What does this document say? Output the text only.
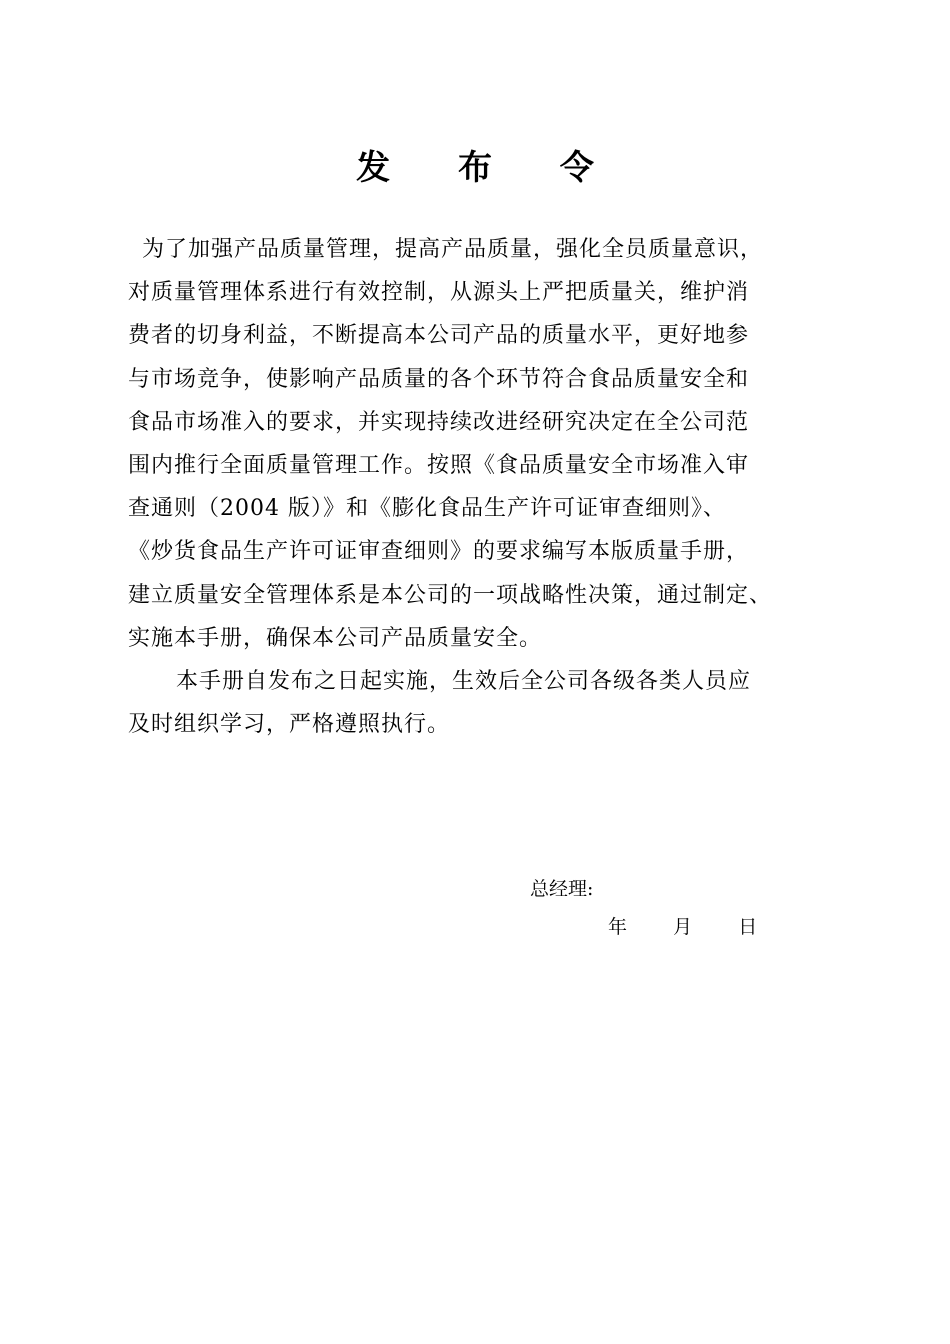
发 布 令
为了加强产品质量管理，提高产品质量，强化全员质量意识，
对质量管理体系进行有效控制，从源头上严把质量关，维护消
费者的切身利益，不断提高本公司产品的质量水平，更好地参
与市场竞争，使影响产品质量的各个环节符合食品质量安全和
食品市场准入的要求，并实现持续改进经研究决定在全公司范
围内推行全面质量管理工作。按照《食品质量安全市场准入审
查通则（2004 版）》和《膨化食品生产许可证审查细则》、
《炒货食品生产许可证审查细则》的要求编写本版质量手册，
建立质量安全管理体系是本公司的一项战略性决策，通过制定、
实施本手册，确保本公司产品质量安全。
本手册自发布之日起实施，生效后全公司各级各类人员应
及时组织学习，严格遵照执行。
总经理:
年 月 日
